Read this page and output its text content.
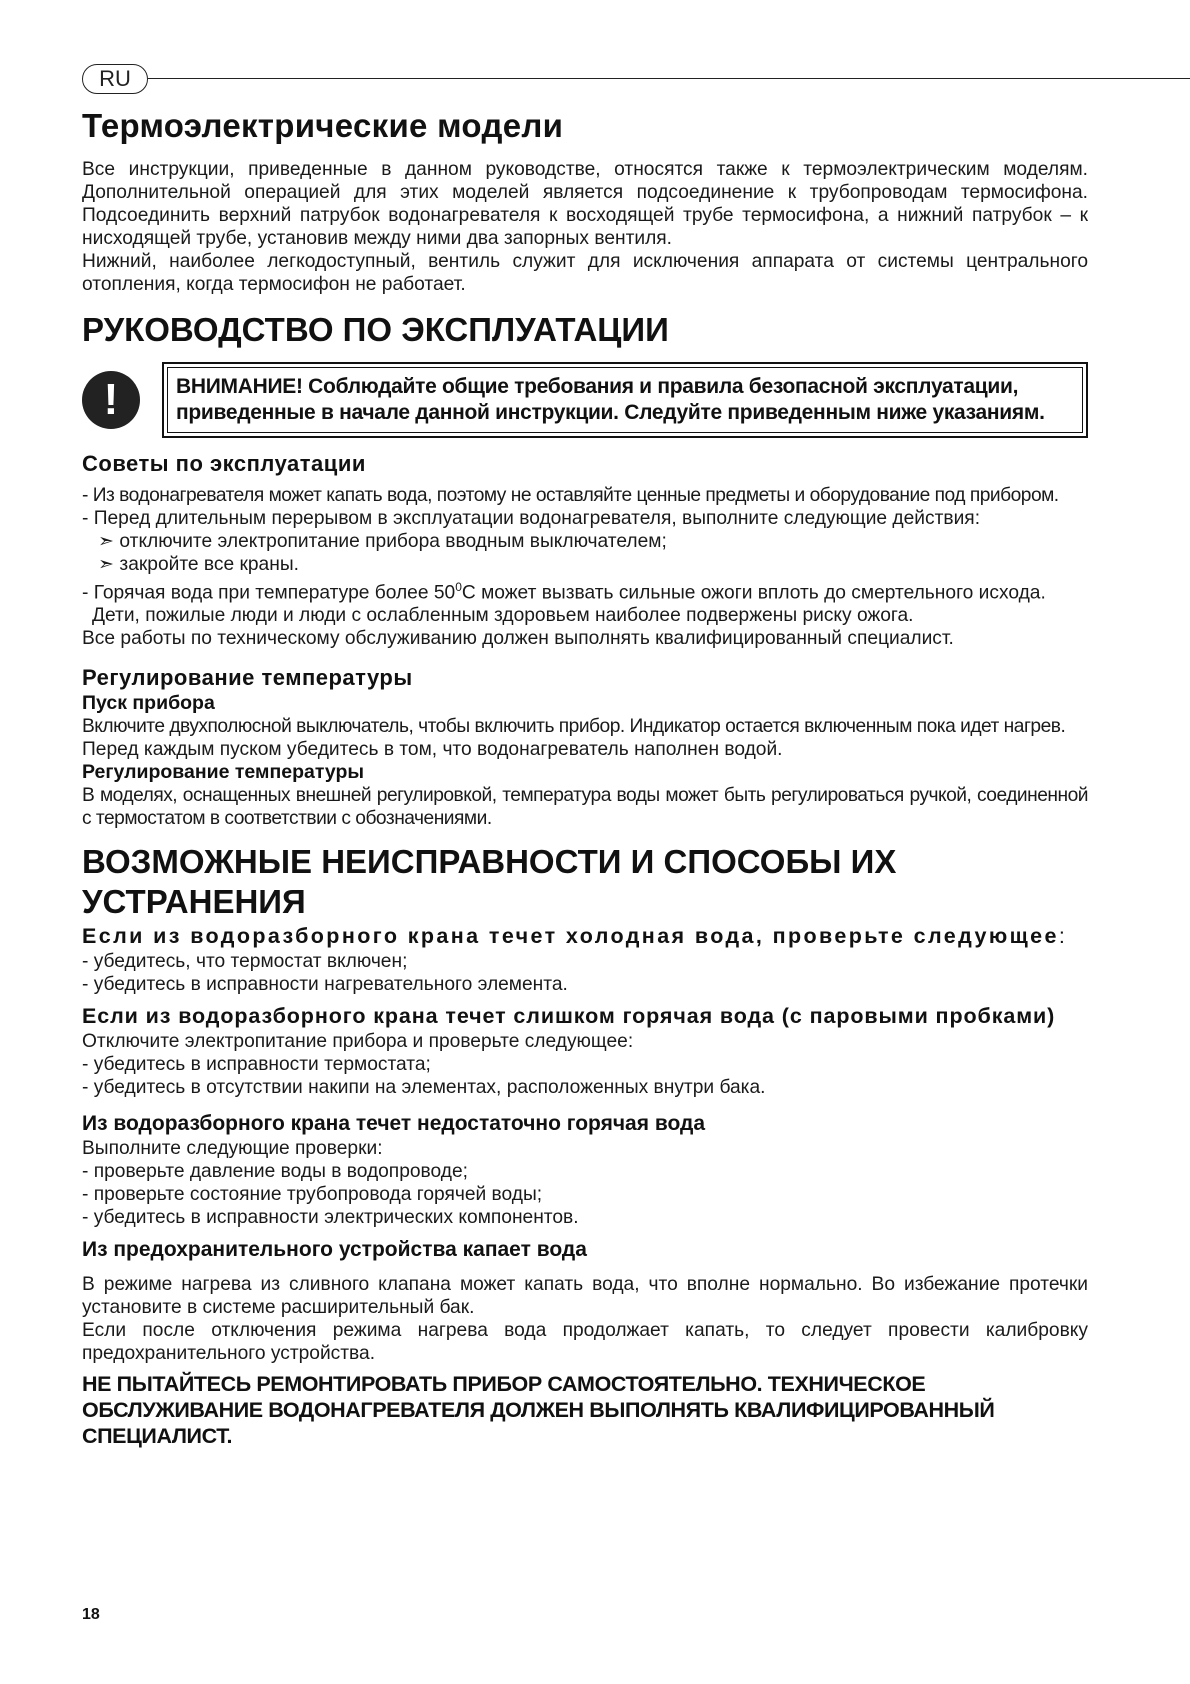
RU
Термоэлектрические модели
Все инструкции, приведенные в данном руководстве, относятся также к термоэлектрическим моделям. Дополнительной операцией для этих моделей является подсоединение к трубопроводам термосифона. Подсоединить верхний патрубок водонагревателя к восходящей трубе термосифона, а нижний патрубок – к нисходящей трубе, установив между ними два запорных вентиля.
Нижний, наиболее легкодоступный, вентиль служит для исключения аппарата от системы центрального отопления, когда термосифон не работает.
РУКОВОДСТВО ПО ЭКСПЛУАТАЦИИ
!	ВНИМАНИЕ! Соблюдайте общие требования и правила безопасной эксплуатации, приведенные в начале данной инструкции. Следуйте приведенным ниже указаниям.
Советы по эксплуатации
- Из водонагревателя может капать вода, поэтому не оставляйте ценные предметы и оборудование под прибором.
- Перед длительным перерывом в эксплуатации водонагревателя, выполните следующие действия:
➣ отключите электропитание прибора вводным выключателем;
➣ закройте все краны.
- Горячая вода при температуре более $50^0С$ может вызвать сильные ожоги вплоть до смертельного исхода.
Дети, пожилые люди и люди с ослабленным здоровьем наиболее подвержены риску ожога.
Все работы по техническому обслуживанию должен выполнять квалифицированный специалист.
Регулирование температуры
Пуск прибора
Включите двухполюсной выключатель, чтобы включить прибор. Индикатор остается включенным пока идет нагрев.
Перед каждым пуском убедитесь в том, что водонагреватель наполнен водой.
Регулирование температуры
В моделях, оснащенных внешней регулировкой, температура воды может быть регулироваться ручкой, соединенной с термостатом в соответствии с обозначениями.
ВОЗМОЖНЫЕ НЕИСПРАВНОСТИ И СПОСОБЫ ИХ УСТРАНЕНИЯ
Если из водоразборного крана течет холодная вода, проверьте следующее:
- убедитесь, что термостат включен;
- убедитесь в исправности нагревательного элемента.
Если из водоразборного крана течет слишком горячая вода (с паровыми пробками)
Отключите электропитание прибора и проверьте следующее:
- убедитесь в исправности термостата;
- убедитесь в отсутствии накипи на элементах, расположенных внутри бака.
Из водоразборного крана течет недостаточно горячая вода
Выполните следующие проверки:
- проверьте давление воды в водопроводе;
- проверьте состояние трубопровода горячей воды;
- убедитесь в исправности электрических компонентов.
Из предохранительного устройства капает вода
В режиме нагрева из сливного клапана может капать вода, что вполне нормально. Во избежание протечки установите в системе расширительный бак.
Если после отключения режима нагрева вода продолжает капать, то следует провести калибровку предохранительного устройства.
НЕ ПЫТАЙТЕСЬ РЕМОНТИРОВАТЬ ПРИБОР САМОСТОЯТЕЛЬНО. ТЕХНИЧЕСКОЕ ОБСЛУЖИВАНИЕ ВОДОНАГРЕВАТЕЛЯ ДОЛЖЕН ВЫПОЛНЯТЬ КВАЛИФИЦИРОВАННЫЙ СПЕЦИАЛИСТ.
18
